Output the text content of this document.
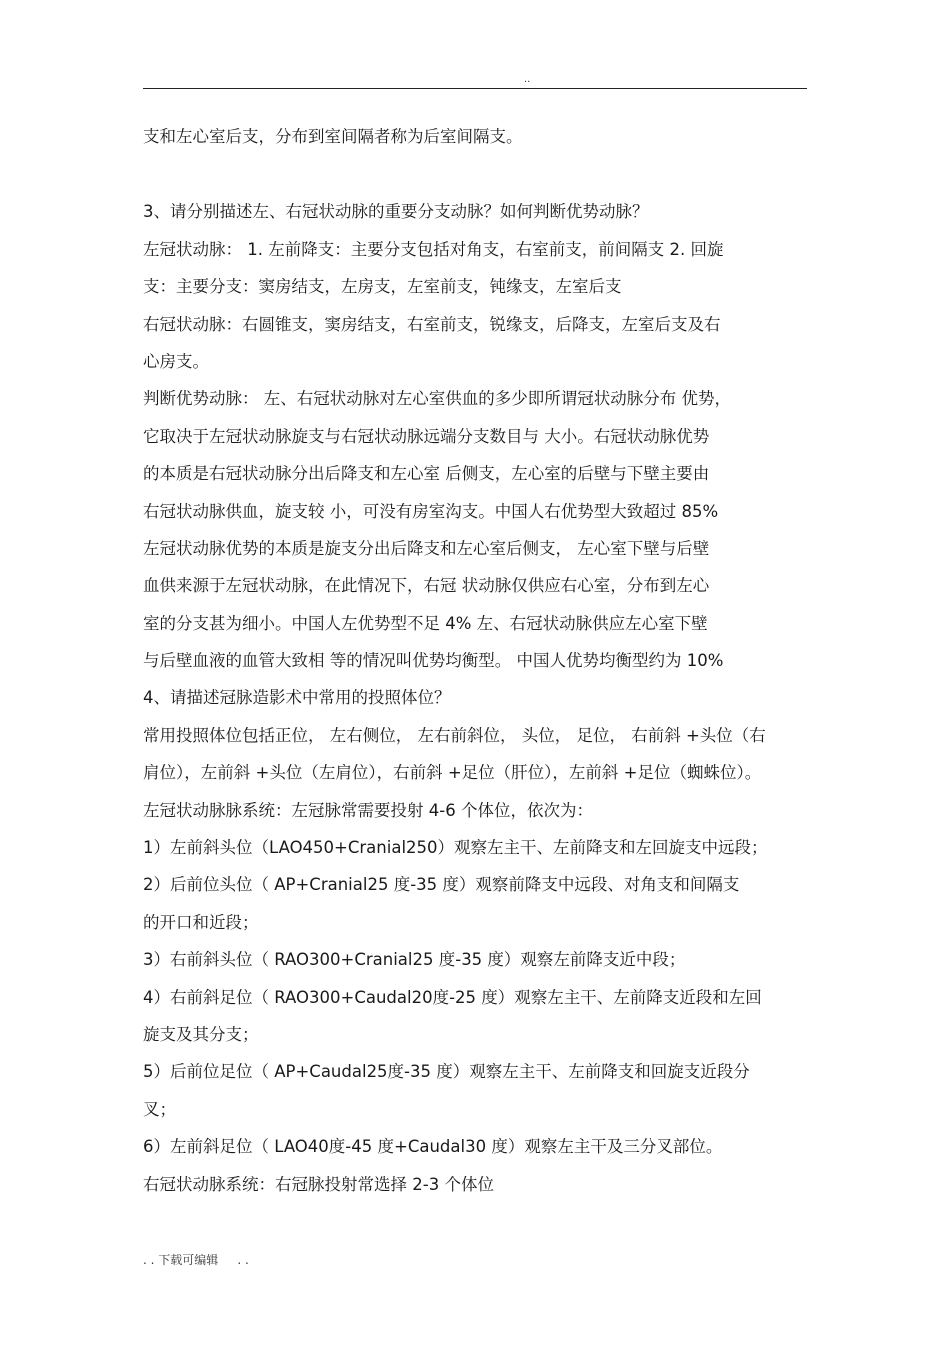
..
支和左心室后支，分布到室间隔者称为后室间隔支。
3、请分别描述左、右冠状动脉的重要分支动脉？如何判断优势动脉？
左冠状动脉： 1. 左前降支：主要分支包括对角支，右室前支，前间隔支 2. 回旋
支：主要分支：窦房结支，左房支，左室前支，钝缘支，左室后支
右冠状动脉：右圆锥支，窦房结支，右室前支，锐缘支，后降支，左室后支及右
心房支。
判断优势动脉： 左、右冠状动脉对左心室供血的多少即所谓冠状动脉分布 优势，
它取决于左冠状动脉旋支与右冠状动脉远端分支数目与 大小。右冠状动脉优势
的本质是右冠状动脉分出后降支和左心室 后侧支，左心室的后壁与下壁主要由
右冠状动脉供血，旋支较 小，可没有房室沟支。中国人右优势型大致超过 85%
左冠状动脉优势的本质是旋支分出后降支和左心室后侧支， 左心室下壁与后壁
血供来源于左冠状动脉，在此情况下，右冠 状动脉仅供应右心室，分布到左心
室的分支甚为细小。中国人左优势型不足 4% 左、右冠状动脉供应左心室下壁
与后壁血液的血管大致相 等的情况叫优势均衡型。 中国人优势均衡型约为 10%
4、请描述冠脉造影术中常用的投照体位？
常用投照体位包括正位， 左右侧位， 左右前斜位， 头位， 足位， 右前斜 +头位（右
肩位），左前斜 +头位（左肩位），右前斜 +足位（肝位），左前斜 +足位（蜘蛛位）。
左冠状动脉脉系统：左冠脉常需要投射 4-6 个体位，依次为：
1）左前斜头位（LAO450+Cranial250）观察左主干、左前降支和左回旋支中远段；
2）后前位头位（ AP+Cranial25 度-35 度）观察前降支中远段、对角支和间隔支
的开口和近段；
3）右前斜头位（ RAO300+Cranial25 度-35 度）观察左前降支近中段；
4）右前斜足位（ RAO300+Caudal20度-25 度）观察左主干、左前降支近段和左回
旋支及其分支；
5）后前位足位（ AP+Caudal25度-35 度）观察左主干、左前降支和回旋支近段分
叉；
6）左前斜足位（ LAO40度-45 度+Caudal30 度）观察左主干及三分叉部位。
右冠状动脉系统：右冠脉投射常选择 2-3 个体位
. . 下载可编辑     . .
